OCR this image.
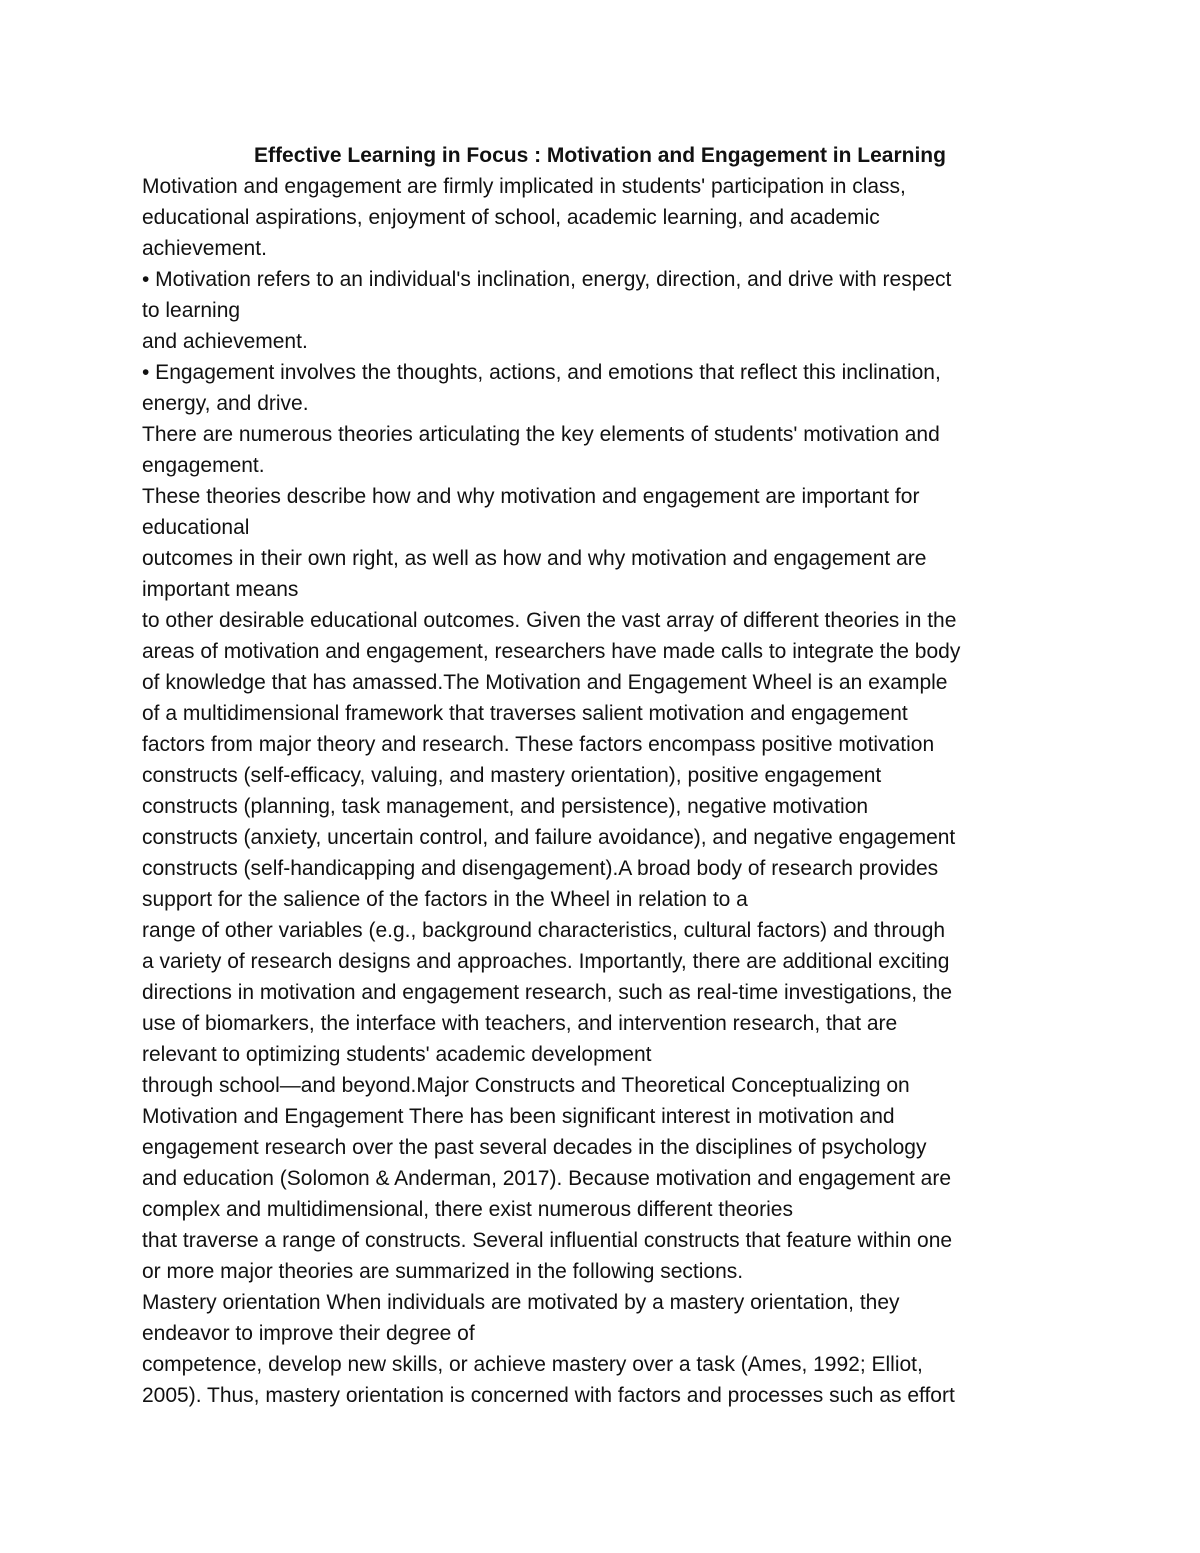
Effective Learning in Focus : Motivation and Engagement in Learning
Motivation and engagement are firmly implicated in students' participation in class,
educational aspirations, enjoyment of school, academic learning, and academic
achievement.
• Motivation refers to an individual's inclination, energy, direction, and drive with respect
to learning
and achievement.
• Engagement involves the thoughts, actions, and emotions that reflect this inclination,
energy, and drive.
There are numerous theories articulating the key elements of students' motivation and
engagement.
These theories describe how and why motivation and engagement are important for
educational
outcomes in their own right, as well as how and why motivation and engagement are
important means
to other desirable educational outcomes. Given the vast array of different theories in the
areas of motivation and engagement, researchers have made calls to integrate the body
of knowledge that has amassed.The Motivation and Engagement Wheel is an example
of a multidimensional framework that traverses salient motivation and engagement
factors from major theory and research. These factors encompass positive motivation
constructs (self-efficacy, valuing, and mastery orientation), positive engagement
constructs (planning, task management, and persistence), negative motivation
constructs (anxiety, uncertain control, and failure avoidance), and negative engagement
constructs (self-handicapping and disengagement).A broad body of research provides
support for the salience of the factors in the Wheel in relation to a
range of other variables (e.g., background characteristics, cultural factors) and through
a variety of research designs and approaches. Importantly, there are additional exciting
directions in motivation and engagement research, such as real-time investigations, the
use of biomarkers, the interface with teachers, and intervention research, that are
relevant to optimizing students' academic development
through school—and beyond.Major Constructs and Theoretical Conceptualizing on
Motivation and Engagement There has been significant interest in motivation and
engagement research over the past several decades in the disciplines of psychology
and education (Solomon & Anderman, 2017). Because motivation and engagement are
complex and multidimensional, there exist numerous different theories
that traverse a range of constructs. Several influential constructs that feature within one
or more major theories are summarized in the following sections.
Mastery orientation When individuals are motivated by a mastery orientation, they
endeavor to improve their degree of
competence, develop new skills, or achieve mastery over a task (Ames, 1992; Elliot,
2005). Thus, mastery orientation is concerned with factors and processes such as effort
